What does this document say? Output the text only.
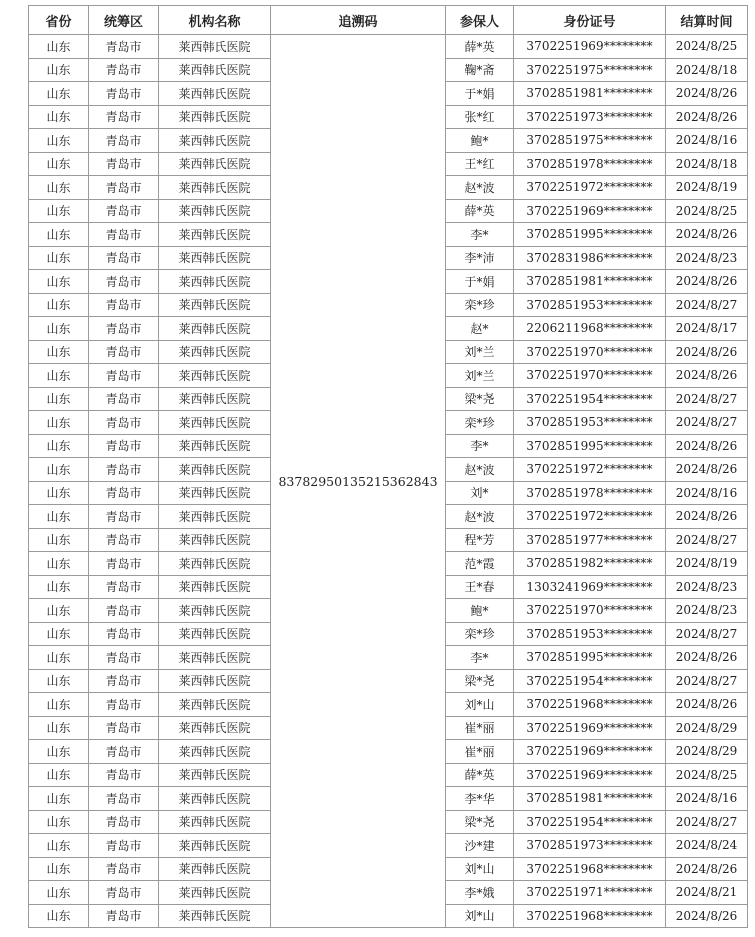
省份	统筹区	机构名称	追溯码	参保人	身份证号	结算时间
山东	青岛市	莱西韩氏医院	83782950135215362843	薛*英	3702251969********	2024/8/25
山东	青岛市	莱西韩氏医院		鞠*斋	3702251975********	2024/8/18
山东	青岛市	莱西韩氏医院		于*娟	3702851981********	2024/8/26
山东	青岛市	莱西韩氏医院		张*红	3702251973********	2024/8/26
山东	青岛市	莱西韩氏医院		鲍*	3702851975********	2024/8/16
山东	青岛市	莱西韩氏医院		王*红	3702851978********	2024/8/18
山东	青岛市	莱西韩氏医院		赵*波	3702251972********	2024/8/19
山东	青岛市	莱西韩氏医院		薛*英	3702251969********	2024/8/25
山东	青岛市	莱西韩氏医院		李*	3702851995********	2024/8/26
山东	青岛市	莱西韩氏医院		李*沛	3702831986********	2024/8/23
山东	青岛市	莱西韩氏医院		于*娟	3702851981********	2024/8/26
山东	青岛市	莱西韩氏医院		栾*珍	3702851953********	2024/8/27
山东	青岛市	莱西韩氏医院		赵*	2206211968********	2024/8/17
山东	青岛市	莱西韩氏医院		刘*兰	3702251970********	2024/8/26
山东	青岛市	莱西韩氏医院		刘*兰	3702251970********	2024/8/26
山东	青岛市	莱西韩氏医院		梁*尧	3702251954********	2024/8/27
山东	青岛市	莱西韩氏医院		栾*珍	3702851953********	2024/8/27
山东	青岛市	莱西韩氏医院		李*	3702851995********	2024/8/26
山东	青岛市	莱西韩氏医院		赵*波	3702251972********	2024/8/26
山东	青岛市	莱西韩氏医院		刘*	3702851978********	2024/8/16
山东	青岛市	莱西韩氏医院		赵*波	3702251972********	2024/8/26
山东	青岛市	莱西韩氏医院		程*芳	3702851977********	2024/8/27
山东	青岛市	莱西韩氏医院		范*霞	3702851982********	2024/8/19
山东	青岛市	莱西韩氏医院		王*春	1303241969********	2024/8/23
山东	青岛市	莱西韩氏医院		鲍*	3702251970********	2024/8/23
山东	青岛市	莱西韩氏医院		栾*珍	3702851953********	2024/8/27
山东	青岛市	莱西韩氏医院		李*	3702851995********	2024/8/26
山东	青岛市	莱西韩氏医院		梁*尧	3702251954********	2024/8/27
山东	青岛市	莱西韩氏医院		刘*山	3702251968********	2024/8/26
山东	青岛市	莱西韩氏医院		崔*丽	3702251969********	2024/8/29
山东	青岛市	莱西韩氏医院		崔*丽	3702251969********	2024/8/29
山东	青岛市	莱西韩氏医院		薛*英	3702251969********	2024/8/25
山东	青岛市	莱西韩氏医院		李*华	3702851981********	2024/8/16
山东	青岛市	莱西韩氏医院		梁*尧	3702251954********	2024/8/27
山东	青岛市	莱西韩氏医院		沙*建	3702851973********	2024/8/24
山东	青岛市	莱西韩氏医院		刘*山	3702251968********	2024/8/26
山东	青岛市	莱西韩氏医院		李*娥	3702251971********	2024/8/21
山东	青岛市	莱西韩氏医院		刘*山	3702251968********	2024/8/26
